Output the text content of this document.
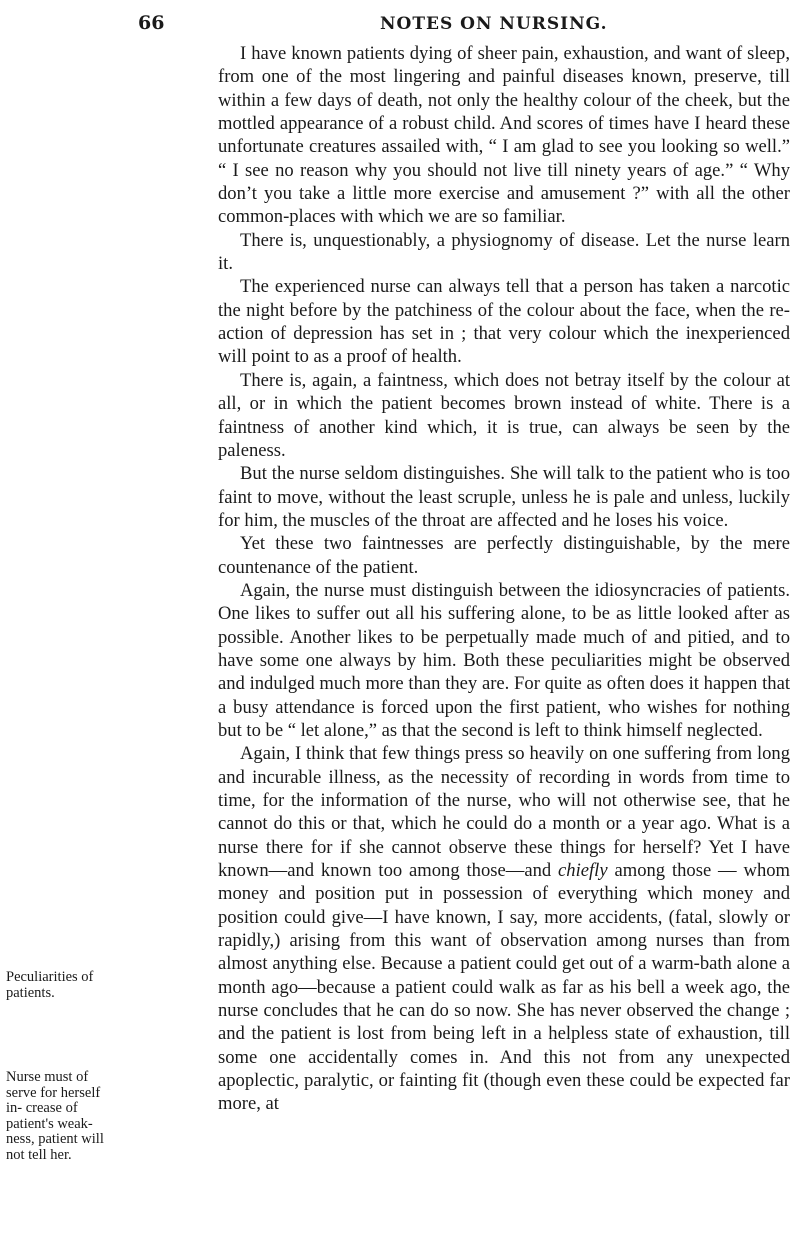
66	NOTES ON NURSING.
Peculiarities of patients.
Nurse must of serve for herself in- crease of patient's weak- ness, patient will not tell her.

I have known patients dying of sheer pain, exhaustion, and want of sleep, from one of the most lingering and painful diseases known, preserve, till within a few days of death, not only the healthy colour of the cheek, but the mottled appearance of a robust child. And scores of times have I heard these unfortunate creatures assailed with, “ I am glad to see you looking so well.” “ I see no reason why you should not live till ninety years of age.” “ Why don’t you take a little more exercise and amusement ?” with all the other common-places with which we are so familiar.

There is, unquestionably, a physiognomy of disease. Let the nurse learn it.

The experienced nurse can always tell that a person has taken a narcotic the night before by the patchiness of the colour about the face, when the re-action of depression has set in ; that very colour which the inexperienced will point to as a proof of health.

There is, again, a faintness, which does not betray itself by the colour at all, or in which the patient becomes brown instead of white. There is a faintness of another kind which, it is true, can always be seen by the paleness.

But the nurse seldom distinguishes. She will talk to the patient who is too faint to move, without the least scruple, unless he is pale and unless, luckily for him, the muscles of the throat are affected and he loses his voice.

Yet these two faintnesses are perfectly distinguishable, by the mere countenance of the patient.

Again, the nurse must distinguish between the idiosyncracies of patients. One likes to suffer out all his suffering alone, to be as little looked after as possible. Another likes to be perpetually made much of and pitied, and to have some one always by him. Both these peculiarities might be observed and indulged much more than they are. For quite as often does it happen that a busy attendance is forced upon the first patient, who wishes for nothing but to be “ let alone,” as that the second is left to think himself neglected.

Again, I think that few things press so heavily on one suffering from long and incurable illness, as the necessity of recording in words from time to time, for the information of the nurse, who will not otherwise see, that he cannot do this or that, which he could do a month or a year ago. What is a nurse there for if she cannot observe these things for herself? Yet I have known—and known too among those—and chiefly among those — whom money and position put in possession of everything which money and position could give—I have known, I say, more accidents, (fatal, slowly or rapidly,) arising from this want of observation among nurses than from almost anything else. Because a patient could get out of a warm-bath alone a month ago—because a patient could walk as far as his bell a week ago, the nurse concludes that he can do so now. She has never observed the change ; and the patient is lost from being left in a helpless state of exhaustion, till some one accidentally comes in. And this not from any unexpected apoplectic, paralytic, or fainting fit (though even these could be expected far more, at
